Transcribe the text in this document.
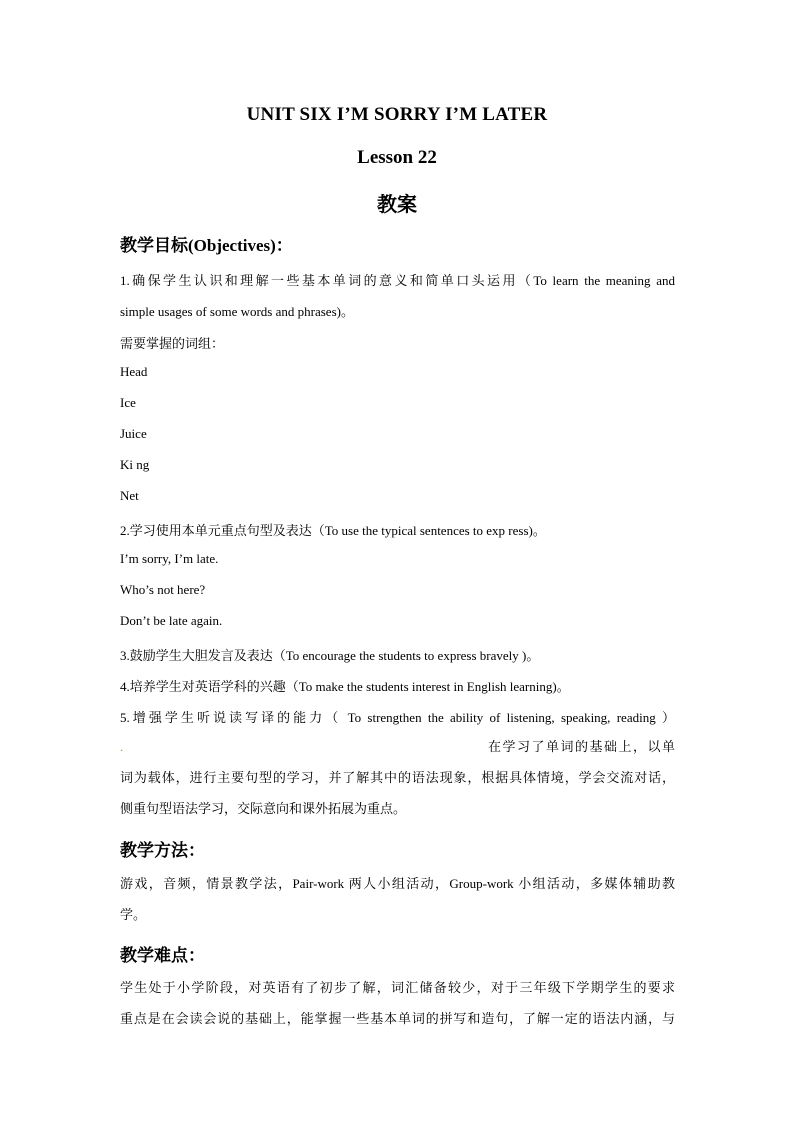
UNIT SIX I’M SORRY I’M LATER
Lesson 22
教案
教学目标(Objectives)：
1.确保学生认识和理解一些基本单词的意义和简单口头运用（To learn the meaning and
simple usages of some words and phrases)。
需要掌握的词组：
Head
Ice
Juice
Ki ng
Net
2.学习使用本单元重点句型及表达（To use the typical sentences to exp ress)。
I’m sorry, I’m late.
Who’s not here?
Don’t be late again.
3.鼓励学生大胆发言及表达（To encourage the students to express bravely )。
4.培养学生对英语学科的兴趣（To make the students interest in English learning)。
5.增强学生听说读写译的能力（ To strengthen the ability of listening, speaking, reading ）
.	在学习了单词的基础上，以单
词为载体，进行主要句型的学习，并了解其中的语法现象，根据具体情境，学会交流对话，
侧重句型语法学习，交际意向和课外拓展为重点。
教学方法：
游戏，音频，情景教学法，Pair-work 两人小组活动，Group-work 小组活动，多媒体辅助教
学。
教学难点：
学生处于小学阶段，对英语有了初步了解，词汇储备较少，对于三年级下学期学生的要求
重点是在会读会说的基础上，能掌握一些基本单词的拼写和造句，了解一定的语法内涵，与
